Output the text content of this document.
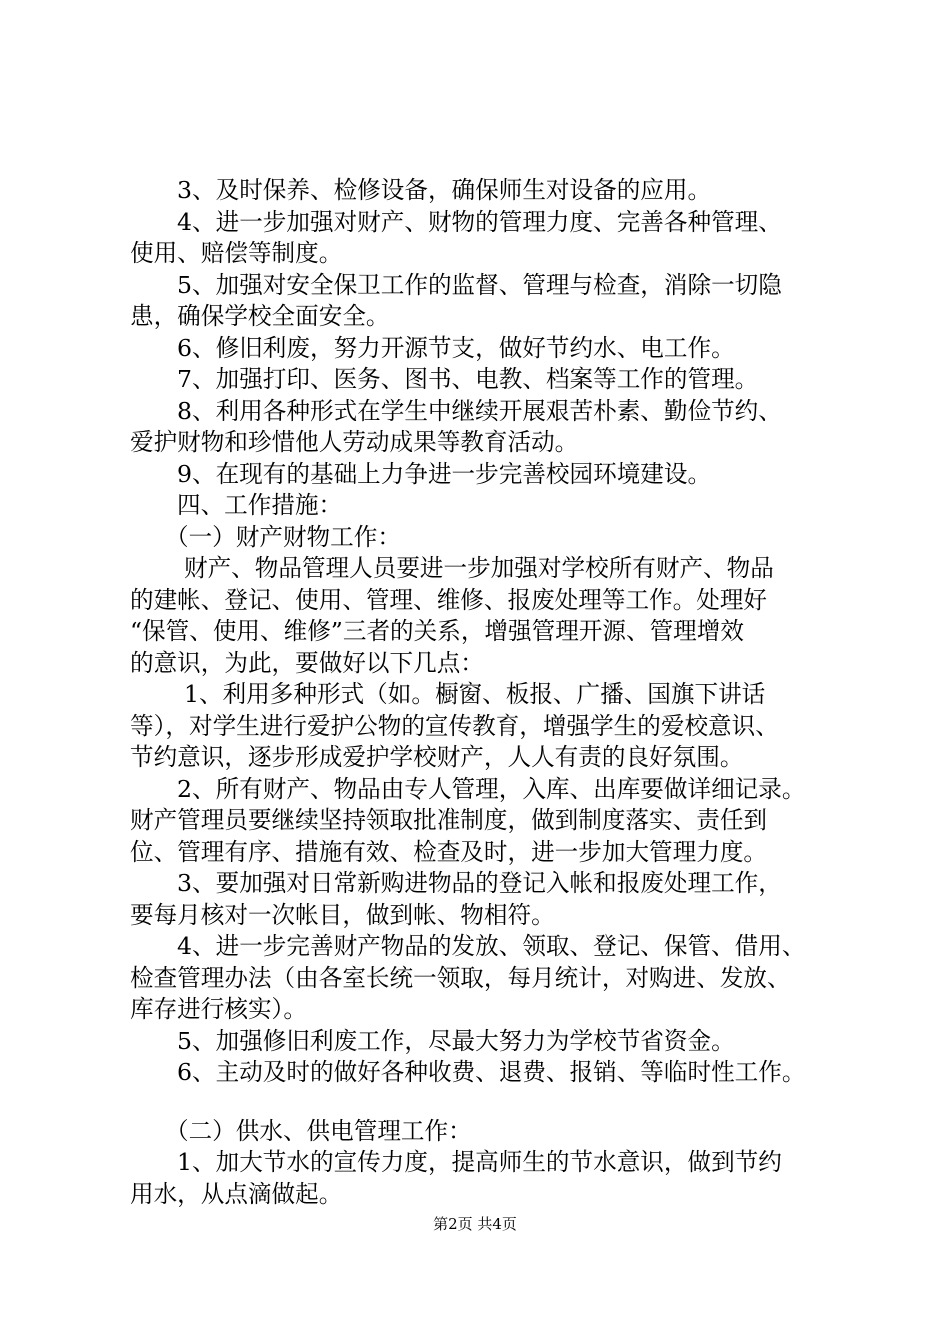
3、及时保养、检修设备，确保师生对设备的应用。

4、进一步加强对财产、财物的管理力度、完善各种管理、

使用、赔偿等制度。

5、加强对安全保卫工作的监督、管理与检查，消除一切隐

患，确保学校全面安全。

6、修旧利废，努力开源节支，做好节约水、电工作。

7、加强打印、医务、图书、电教、档案等工作的管理。

8、利用各种形式在学生中继续开展艰苦朴素、勤俭节约、

爱护财物和珍惜他人劳动成果等教育活动。

9、在现有的基础上力争进一步完善校园环境建设。

四、工作措施：

（一）财产财物工作：

财产、物品管理人员要进一步加强对学校所有财产、物品

的建帐、登记、使用、管理、维修、报废处理等工作。处理好

“保管、使用、维修”三者的关系，增强管理开源、管理增效

的意识，为此，要做好以下几点：

1、利用多种形式（如。橱窗、板报、广播、国旗下讲话

等），对学生进行爱护公物的宣传教育，增强学生的爱校意识、

节约意识，逐步形成爱护学校财产，人人有责的良好氛围。

2、所有财产、物品由专人管理，入库、出库要做详细记录。

财产管理员要继续坚持领取批准制度，做到制度落实、责任到

位、管理有序、措施有效、检查及时，进一步加大管理力度。

3、要加强对日常新购进物品的登记入帐和报废处理工作，

要每月核对一次帐目，做到帐、物相符。

4、进一步完善财产物品的发放、领取、登记、保管、借用、

检查管理办法（由各室长统一领取，每月统计，对购进、发放、

库存进行核实）。

5、加强修旧利废工作，尽最大努力为学校节省资金。

6、主动及时的做好各种收费、退费、报销、等临时性工作。

（二）供水、供电管理工作：

1、加大节水的宣传力度，提高师生的节水意识，做到节约

用水，从点滴做起。

第2页 共4页
